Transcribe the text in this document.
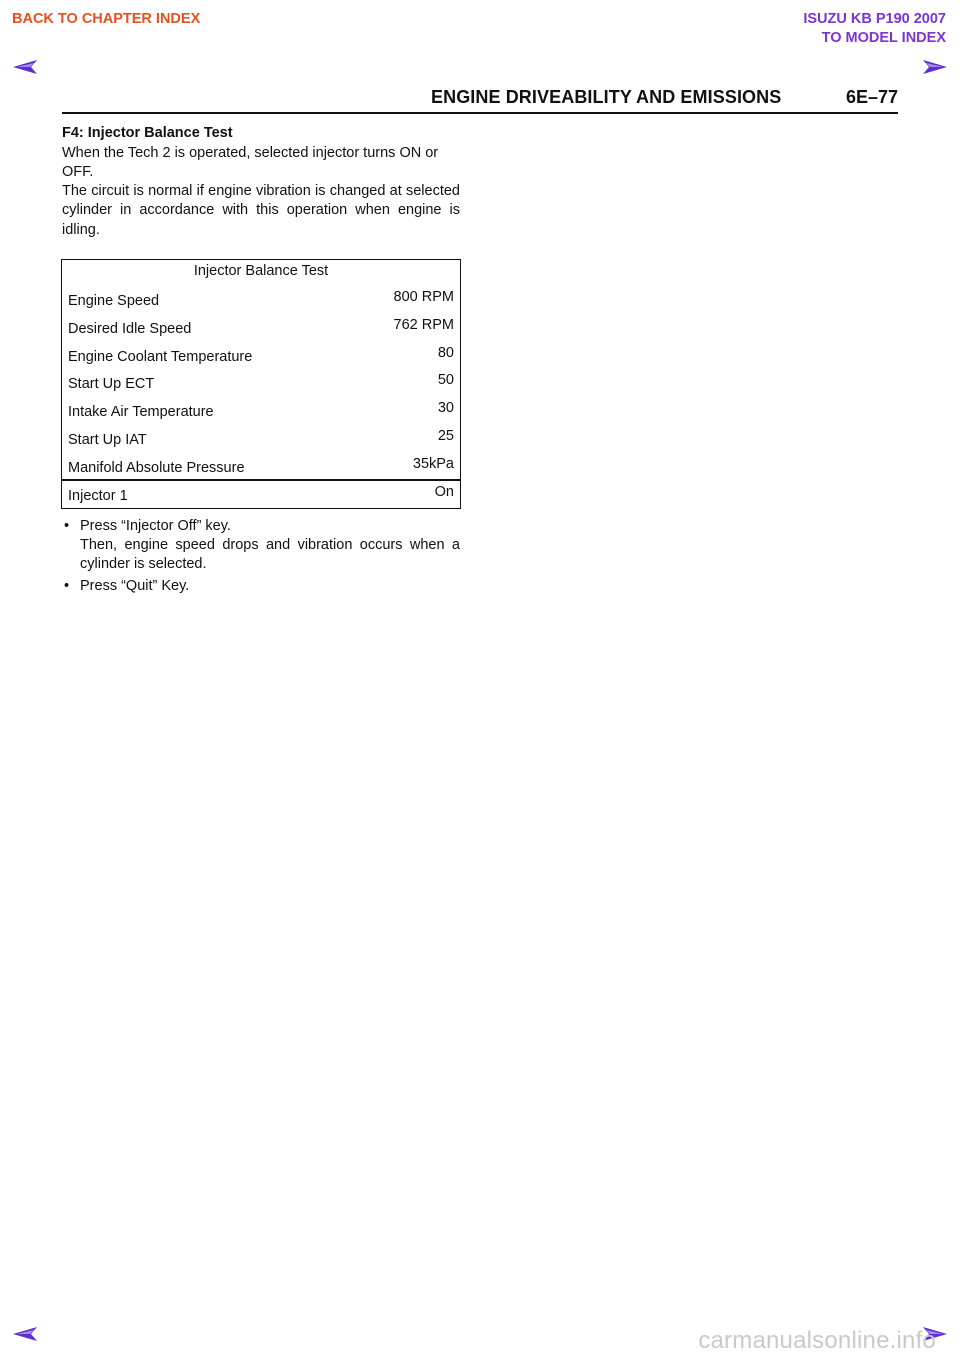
BACK TO CHAPTER INDEX	ISUZU KB P190 2007
TO MODEL INDEX
ENGINE DRIVEABILITY AND EMISSIONS	6E–77
F4: Injector Balance Test
When the Tech 2 is operated, selected injector turns ON or OFF.
The circuit is normal if engine vibration is changed at selected cylinder in accordance with this operation when engine is idling.
Injector Balance Test
Engine Speed	800 RPM
Desired Idle Speed	762 RPM
Engine Coolant Temperature	80
Start Up ECT	50
Intake Air Temperature	30
Start Up IAT	25
Manifold Absolute Pressure	35kPa
Injector 1	On
• Press “Injector Off” key.
Then, engine speed drops and vibration occurs when a cylinder is selected.
• Press “Quit” Key.
carmanualsonline.info
